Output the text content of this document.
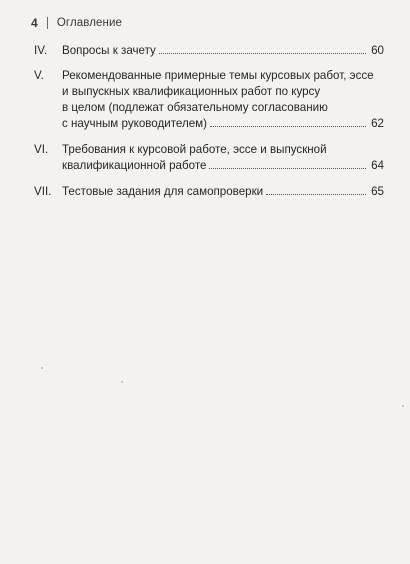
4 Оглавление
IV.	Вопросы к зачету	60
V.	Рекомендованные примерные темы курсовых работ, эссе
и выпускных квалификационных работ по курсу
в целом (подлежат обязательному согласованию
с научным руководителем)	62
VI.	Требования к курсовой работе, эссе и выпускной
квалификационной работе	64
VII. Тестовые задания для самопроверки	65
